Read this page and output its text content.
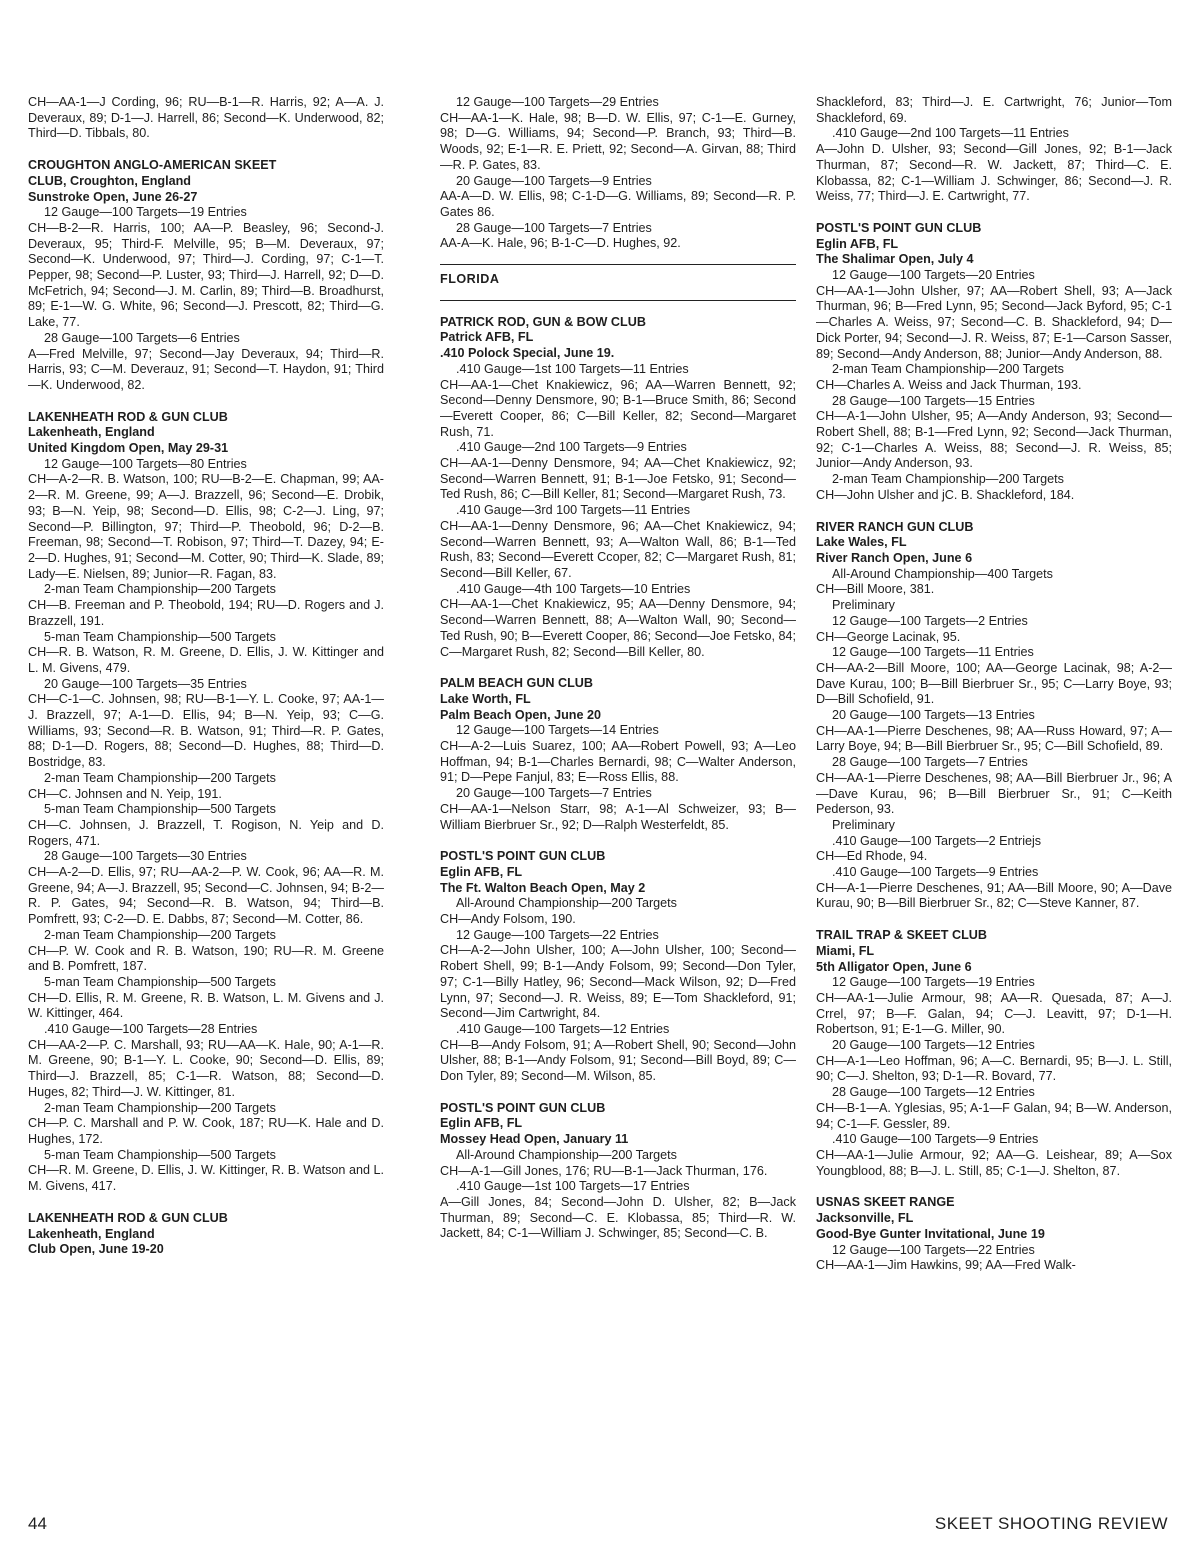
CH—AA-1—J Cording, 96; RU—B-1—R. Harris, 92; A—A. J. Deveraux, 89; D-1—J. Harrell, 86; Second—K. Underwood, 82; Third—D. Tibbals, 80.

CROUGHTON ANGLO-AMERICAN SKEET

CLUB, Croughton, England

Sunstroke Open, June 26-27

12 Gauge—100 Targets—19 Entries

CH—B-2—R. Harris, 100; AA—P. Beasley, 96; Second-J. Deveraux, 95; Third-F. Melville, 95; B—M. Deveraux, 97; Second—K. Underwood, 97; Third—J. Cording, 97; C-1—T. Pepper, 98; Second—P. Luster, 93; Third—J. Harrell, 92; D—D. McFetrich, 94; Second—J. M. Carlin, 89; Third—B. Broadhurst, 89; E-1—W. G. White, 96; Second—J. Prescott, 82; Third—G. Lake, 77.

28 Gauge—100 Targets—6 Entries

A—Fred Melville, 97; Second—Jay Deveraux, 94; Third—R. Harris, 93; C—M. Deverauz, 91; Second—T. Haydon, 91; Third—K. Underwood, 82.

LAKENHEATH ROD & GUN CLUB

Lakenheath, England

United Kingdom Open, May 29-31

12 Gauge—100 Targets—80 Entries

CH—A-2—R. B. Watson, 100; RU—B-2—E. Chapman, 99; AA-2—R. M. Greene, 99; A—J. Brazzell, 96; Second—E. Drobik, 93; B—N. Yeip, 98; Second—D. Ellis, 98; C-2—J. Ling, 97; Second—P. Billington, 97; Third—P. Theobold, 96; D-2—B. Freeman, 98; Second—T. Robison, 97; Third—T. Dazey, 94; E-2—D. Hughes, 91; Second—M. Cotter, 90; Third—K. Slade, 89; Lady—E. Nielsen, 89; Junior—R. Fagan, 83.

2-man Team Championship—200 Targets

CH—B. Freeman and P. Theobold, 194; RU—D. Rogers and J. Brazzell, 191.

5-man Team Championship—500 Targets

CH—R. B. Watson, R. M. Greene, D. Ellis, J. W. Kittinger and L. M. Givens, 479.

20 Gauge—100 Targets—35 Entries

CH—C-1—C. Johnsen, 98; RU—B-1—Y. L. Cooke, 97; AA-1—J. Brazzell, 97; A-1—D. Ellis, 94; B—N. Yeip, 93; C—G. Williams, 93; Second—R. B. Watson, 91; Third—R. P. Gates, 88; D-1—D. Rogers, 88; Second—D. Hughes, 88; Third—D. Bostridge, 83.

2-man Team Championship—200 Targets

CH—C. Johnsen and N. Yeip, 191.

5-man Team Championship—500 Targets

CH—C. Johnsen, J. Brazzell, T. Rogison, N. Yeip and D. Rogers, 471.

28 Gauge—100 Targets—30 Entries

CH—A-2—D. Ellis, 97; RU—AA-2—P. W. Cook, 96; AA—R. M. Greene, 94; A—J. Brazzell, 95; Second—C. Johnsen, 94; B-2—R. P. Gates, 94; Second—R. B. Watson, 94; Third—B. Pomfrett, 93; C-2—D. E. Dabbs, 87; Second—M. Cotter, 86.

2-man Team Championship—200 Targets

CH—P. W. Cook and R. B. Watson, 190; RU—R. M. Greene and B. Pomfrett, 187.

5-man Team Championship—500 Targets

CH—D. Ellis, R. M. Greene, R. B. Watson, L. M. Givens and J. W. Kittinger, 464.

.410 Gauge—100 Targets—28 Entries

CH—AA-2—P. C. Marshall, 93; RU—AA—K. Hale, 90; A-1—R. M. Greene, 90; B-1—Y. L. Cooke, 90; Second—D. Ellis, 89; Third—J. Brazzell, 85; C-1—R. Watson, 88; Second—D. Huges, 82; Third—J. W. Kittinger, 81.

2-man Team Championship—200 Targets

CH—P. C. Marshall and P. W. Cook, 187; RU—K. Hale and D. Hughes, 172.

5-man Team Championship—500 Targets

CH—R. M. Greene, D. Ellis, J. W. Kittinger, R. B. Watson and L. M. Givens, 417.

LAKENHEATH ROD & GUN CLUB

Lakenheath, England

Club Open, June 19-20

12 Gauge—100 Targets—29 Entries

CH—AA-1—K. Hale, 98; B—D. W. Ellis, 97; C-1—E. Gurney, 98; D—G. Williams, 94; Second—P. Branch, 93; Third—B. Woods, 92; E-1—R. E. Priett, 92; Second—A. Girvan, 88; Third—R. P. Gates, 83.

20 Gauge—100 Targets—9 Entries

AA-A—D. W. Ellis, 98; C-1-D—G. Williams, 89; Second—R. P. Gates 86.

28 Gauge—100 Targets—7 Entries

AA-A—K. Hale, 96; B-1-C—D. Hughes, 92.

FLORIDA

PATRICK ROD, GUN & BOW CLUB

Patrick AFB, FL

.410 Polock Special, June 19.

.410 Gauge—1st 100 Targets—11 Entries

CH—AA-1—Chet Knakiewicz, 96; AA—Warren Bennett, 92; Second—Denny Densmore, 90; B-1—Bruce Smith, 86; Second—Everett Cooper, 86; C—Bill Keller, 82; Second—Margaret Rush, 71.

.410 Gauge—2nd 100 Targets—9 Entries

CH—AA-1—Denny Densmore, 94; AA—Chet Knakiewicz, 92; Second—Warren Bennett, 91; B-1—Joe Fetsko, 91; Second—Ted Rush, 86; C—Bill Keller, 81; Second—Margaret Rush, 73.

.410 Gauge—3rd 100 Targets—11 Entries

CH—AA-1—Denny Densmore, 96; AA—Chet Knakiewicz, 94; Second—Warren Bennett, 93; A—Walton Wall, 86; B-1—Ted Rush, 83; Second—Everett Ccoper, 82; C—Margaret Rush, 81; Second—Bill Keller, 67.

.410 Gauge—4th 100 Targets—10 Entries

CH—AA-1—Chet Knakiewicz, 95; AA—Denny Densmore, 94; Second—Warren Bennett, 88; A—Walton Wall, 90; Second—Ted Rush, 90; B—Everett Cooper, 86; Second—Joe Fetsko, 84; C—Margaret Rush, 82; Second—Bill Keller, 80.

PALM BEACH GUN CLUB

Lake Worth, FL

Palm Beach Open, June 20

12 Gauge—100 Targets—14 Entries

CH—A-2—Luis Suarez, 100; AA—Robert Powell, 93; A—Leo Hoffman, 94; B-1—Charles Bernardi, 98; C—Walter Anderson, 91; D—Pepe Fanjul, 83; E—Ross Ellis, 88.

20 Gauge—100 Targets—7 Entries

CH—AA-1—Nelson Starr, 98; A-1—Al Schweizer, 93; B—William Bierbruer Sr., 92; D—Ralph Westerfeldt, 85.

POSTL'S POINT GUN CLUB

Eglin AFB, FL

The Ft. Walton Beach Open, May 2

All-Around Championship—200 Targets

CH—Andy Folsom, 190.

12 Gauge—100 Targets—22 Entries

CH—A-2—John Ulsher, 100; A—John Ulsher, 100; Second—Robert Shell, 99; B-1—Andy Folsom, 99; Second—Don Tyler, 97; C-1—Billy Hatley, 96; Second—Mack Wilson, 92; D—Fred Lynn, 97; Second—J. R. Weiss, 89; E—Tom Shackleford, 91; Second—Jim Cartwright, 84.

.410 Gauge—100 Targets—12 Entries

CH—B—Andy Folsom, 91; A—Robert Shell, 90; Second—John Ulsher, 88; B-1—Andy Folsom, 91; Second—Bill Boyd, 89; C—Don Tyler, 89; Second—M. Wilson, 85.

POSTL'S POINT GUN CLUB

Eglin AFB, FL

Mossey Head Open, January 11

All-Around Championship—200 Targets

CH—A-1—Gill Jones, 176; RU—B-1—Jack Thurman, 176.

.410 Gauge—1st 100 Targets—17 Entries

A—Gill Jones, 84; Second—John D. Ulsher, 82; B—Jack Thurman, 89; Second—C. E. Klobassa, 85; Third—R. W. Jackett, 84; C-1—William J. Schwinger, 85; Second—C. B.

Shackleford, 83; Third—J. E. Cartwright, 76; Junior—Tom Shackleford, 69.

.410 Gauge—2nd 100 Targets—11 Entries

A—John D. Ulsher, 93; Second—Gill Jones, 92; B-1—Jack Thurman, 87; Second—R. W. Jackett, 87; Third—C. E. Klobassa, 82; C-1—William J. Schwinger, 86; Second—J. R. Weiss, 77; Third—J. E. Cartwright, 77.

POSTL'S POINT GUN CLUB

Eglin AFB, FL

The Shalimar Open, July 4

12 Gauge—100 Targets—20 Entries

CH—AA-1—John Ulsher, 97; AA—Robert Shell, 93; A—Jack Thurman, 96; B—Fred Lynn, 95; Second—Jack Byford, 95; C-1—Charles A. Weiss, 97; Second—C. B. Shackleford, 94; D—Dick Porter, 94; Second—J. R. Weiss, 87; E-1—Carson Sasser, 89; Second—Andy Anderson, 88; Junior—Andy Anderson, 88.

2-man Team Championship—200 Targets

CH—Charles A. Weiss and Jack Thurman, 193.

28 Gauge—100 Targets—15 Entries

CH—A-1—John Ulsher, 95; A—Andy Anderson, 93; Second—Robert Shell, 88; B-1—Fred Lynn, 92; Second—Jack Thurman, 92; C-1—Charles A. Weiss, 88; Second—J. R. Weiss, 85; Junior—Andy Anderson, 93.

2-man Team Championship—200 Targets

CH—John Ulsher and jC. B. Shackleford, 184.

RIVER RANCH GUN CLUB

Lake Wales, FL

River Ranch Open, June 6

All-Around Championship—400 Targets

CH—Bill Moore, 381.

Preliminary

12 Gauge—100 Targets—2 Entries

CH—George Lacinak, 95.

12 Gauge—100 Targets—11 Entries

CH—AA-2—Bill Moore, 100; AA—George Lacinak, 98; A-2—Dave Kurau, 100; B—Bill Bierbruer Sr., 95; C—Larry Boye, 93; D—Bill Schofield, 91.

20 Gauge—100 Targets—13 Entries

CH—AA-1—Pierre Deschenes, 98; AA—Russ Howard, 97; A—Larry Boye, 94; B—Bill Bierbruer Sr., 95; C—Bill Schofield, 89.

28 Gauge—100 Targets—7 Entries

CH—AA-1—Pierre Deschenes, 98; AA—Bill Bierbruer Jr., 96; A—Dave Kurau, 96; B—Bill Bierbruer Sr., 91; C—Keith Pederson, 93.

Preliminary

.410 Gauge—100 Targets—2 Entriejs

CH—Ed Rhode, 94.

.410 Gauge—100 Targets—9 Entries

CH—A-1—Pierre Deschenes, 91; AA—Bill Moore, 90; A—Dave Kurau, 90; B—Bill Bierbruer Sr., 82; C—Steve Kanner, 87.

TRAIL TRAP & SKEET CLUB

Miami, FL

5th Alligator Open, June 6

12 Gauge—100 Targets—19 Entries

CH—AA-1—Julie Armour, 98; AA—R. Quesada, 87; A—J. Crrel, 97; B—F. Galan, 94; C—J. Leavitt, 97; D-1—H. Robertson, 91; E-1—G. Miller, 90.

20 Gauge—100 Targets—12 Entries

CH—A-1—Leo Hoffman, 96; A—C. Bernardi, 95; B—J. L. Still, 90; C—J. Shelton, 93; D-1—R. Bovard, 77.

28 Gauge—100 Targets—12 Entries

CH—B-1—A. Yglesias, 95; A-1—F Galan, 94; B—W. Anderson, 94; C-1—F. Gessler, 89.

.410 Gauge—100 Targets—9 Entries

CH—AA-1—Julie Armour, 92; AA—G. Leishear, 89; A—Sox Youngblood, 88; B—J. L. Still, 85; C-1—J. Shelton, 87.

USNAS SKEET RANGE

Jacksonville, FL

Good-Bye Gunter Invitational, June 19

12 Gauge—100 Targets—22 Entries

CH—AA-1—Jim Hawkins, 99; AA—Fred Walk-

44	SKEET SHOOTING REVIEW
